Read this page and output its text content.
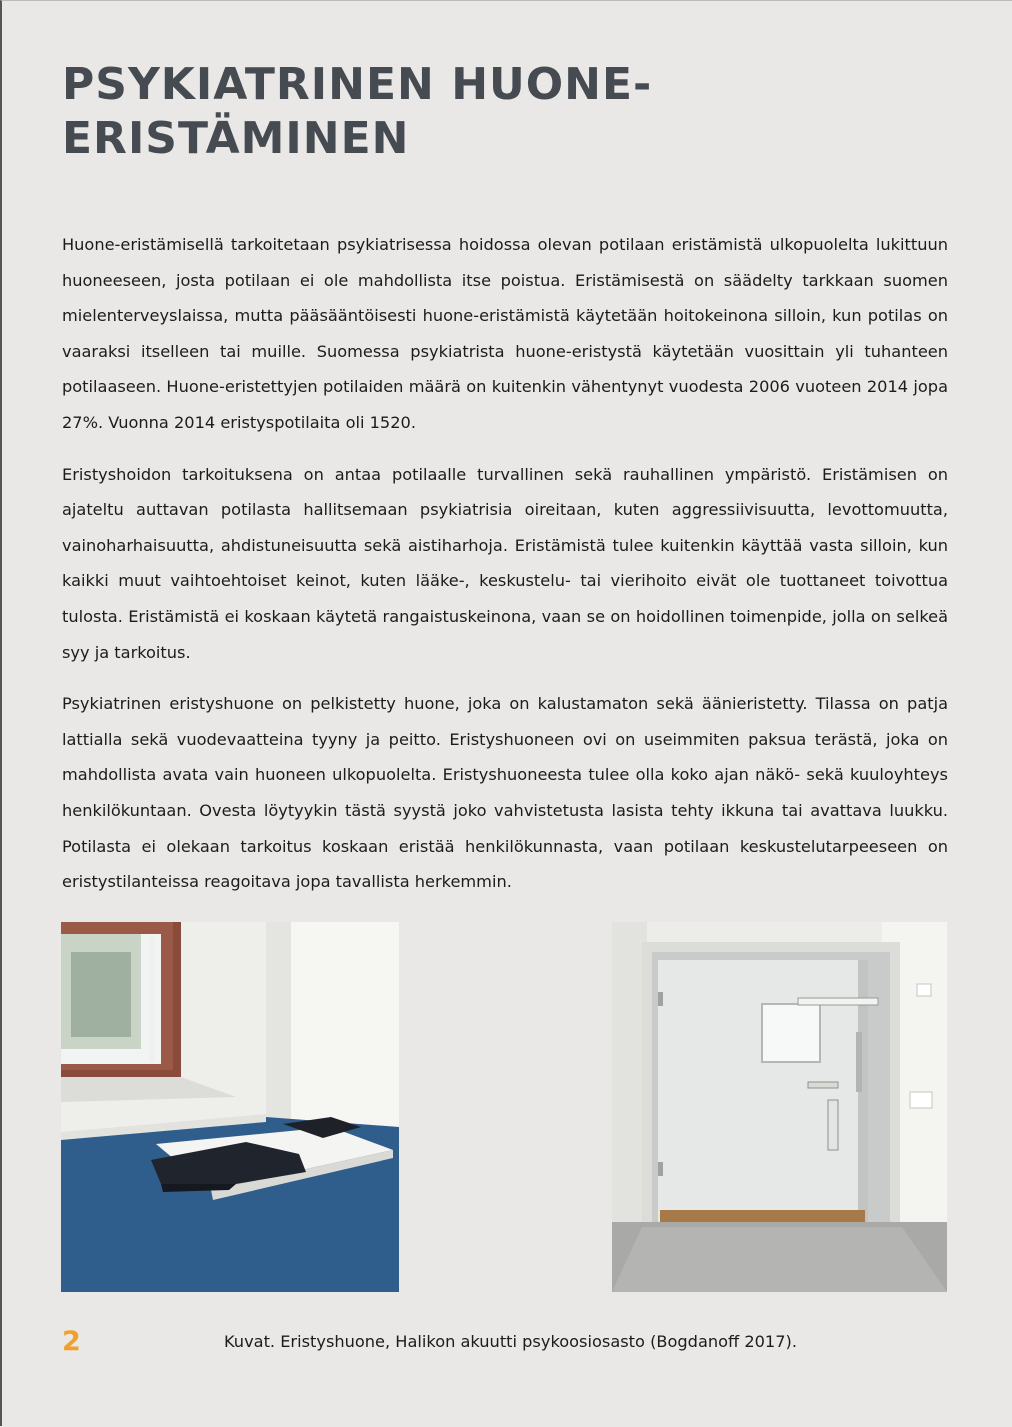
PSYKIATRINEN HUONE-
ERISTÄMINEN

Huone-eristämisellä tarkoitetaan psykiatrisessa hoidossa olevan potilaan eristämistä ulkopuolelta lukittuun huoneeseen, josta potilaan ei ole mahdollista itse poistua. Eristämisestä on säädelty tarkkaan suomen mielenterveyslaissa, mutta pääsääntöisesti huone-eristämistä käytetään hoitokeinona silloin, kun potilas on vaaraksi itselleen tai muille. Suomessa psykiatrista huone-eristystä käytetään vuosittain yli tuhanteen potilaaseen. Huone-eristettyjen potilaiden määrä on kuitenkin vähentynyt vuodesta 2006 vuoteen 2014 jopa 27%. Vuonna 2014 eristyspotilaita oli 1520.

Eristyshoidon tarkoituksena on antaa potilaalle turvallinen sekä rauhallinen ympäristö. Eristämisen on ajateltu auttavan potilasta hallitsemaan psykiatrisia oireitaan, kuten aggressiivisuutta, levottomuutta, vainoharhaisuutta, ahdistuneisuutta sekä aistiharhoja. Eristämistä tulee kuitenkin käyttää vasta silloin, kun kaikki muut vaihtoehtoiset keinot, kuten lääke-, keskustelu- tai vierihoito eivät ole tuottaneet toivottua tulosta. Eristämistä ei koskaan käytetä rangaistuskeinona, vaan se on hoidollinen toimenpide, jolla on selkeä syy ja tarkoitus.

Psykiatrinen eristyshuone on pelkistetty huone, joka on kalustamaton sekä äänieristetty. Tilassa on patja lattialla sekä vuodevaatteina tyyny ja peitto. Eristyshuoneen ovi on useimmiten paksua terästä, joka on mahdollista avata vain huoneen ulkopuolelta. Eristyshuoneesta tulee olla koko ajan näkö- sekä kuuloyhteys henkilökuntaan. Ovesta löytyykin tästä syystä joko vahvistetusta lasista tehty ikkuna tai avattava luukku. Potilasta ei olekaan tarkoitus koskaan eristää henkilökunnasta, vaan potilaan keskustelutarpeeseen on eristystilanteissa reagoitava jopa tavallista herkemmin.

2	Kuvat. Eristyshuone, Halikon akuutti psykoosiosasto (Bogdanoff 2017).
